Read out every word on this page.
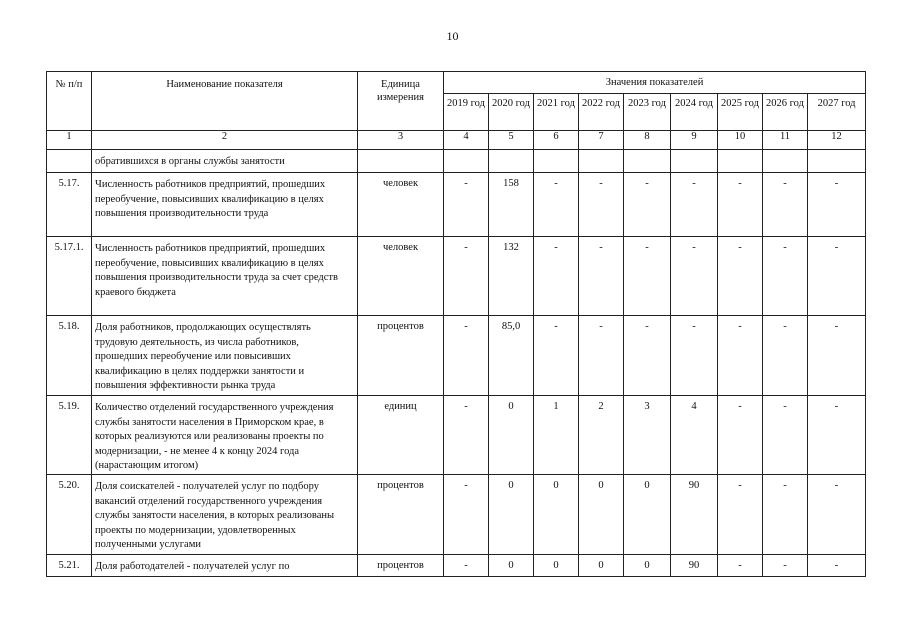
10
№ п/п	Наименование показателя	Единица измерения	Значения показателей								
			2019 год	2020 год	2021 год	2022 год	2023 год	2024 год	2025 год	2026 год	2027 год
1	2	3	4	5	6	7	8	9	10	11	12
	обратившихся в органы службы занятости										
5.17.	Численность работников предприятий, прошедших переобучение, повысивших квалификацию в целях повышения производительности труда	человек	-	158	-	-	-	-	-	-	-
5.17.1.	Численность работников предприятий, прошедших переобучение, повысивших квалификацию в целях повышения производительности труда за счет средств краевого бюджета	человек	-	132	-	-	-	-	-	-	-
5.18.	Доля работников, продолжающих осуществлять трудовую деятельность, из числа работников, прошедших переобучение или повысивших квалификацию в целях поддержки занятости и повышения эффективности рынка труда	процентов	-	85,0	-	-	-	-	-	-	-
5.19.	Количество отделений государственного учреждения службы занятости населения в Приморском крае, в которых реализуются или реализованы проекты по модернизации, - не менее 4 к концу 2024 года (нарастающим итогом)	единиц	-	0	1	2	3	4	-	-	-
5.20.	Доля соискателей - получателей услуг по подбору вакансий отделений государственного учреждения службы занятости населения, в которых реализованы проекты по модернизации, удовлетворенных полученными услугами	процентов	-	0	0	0	0	90	-	-	-
5.21.	Доля работодателей - получателей услуг по	процентов	-	0	0	0	0	90	-	-	-
